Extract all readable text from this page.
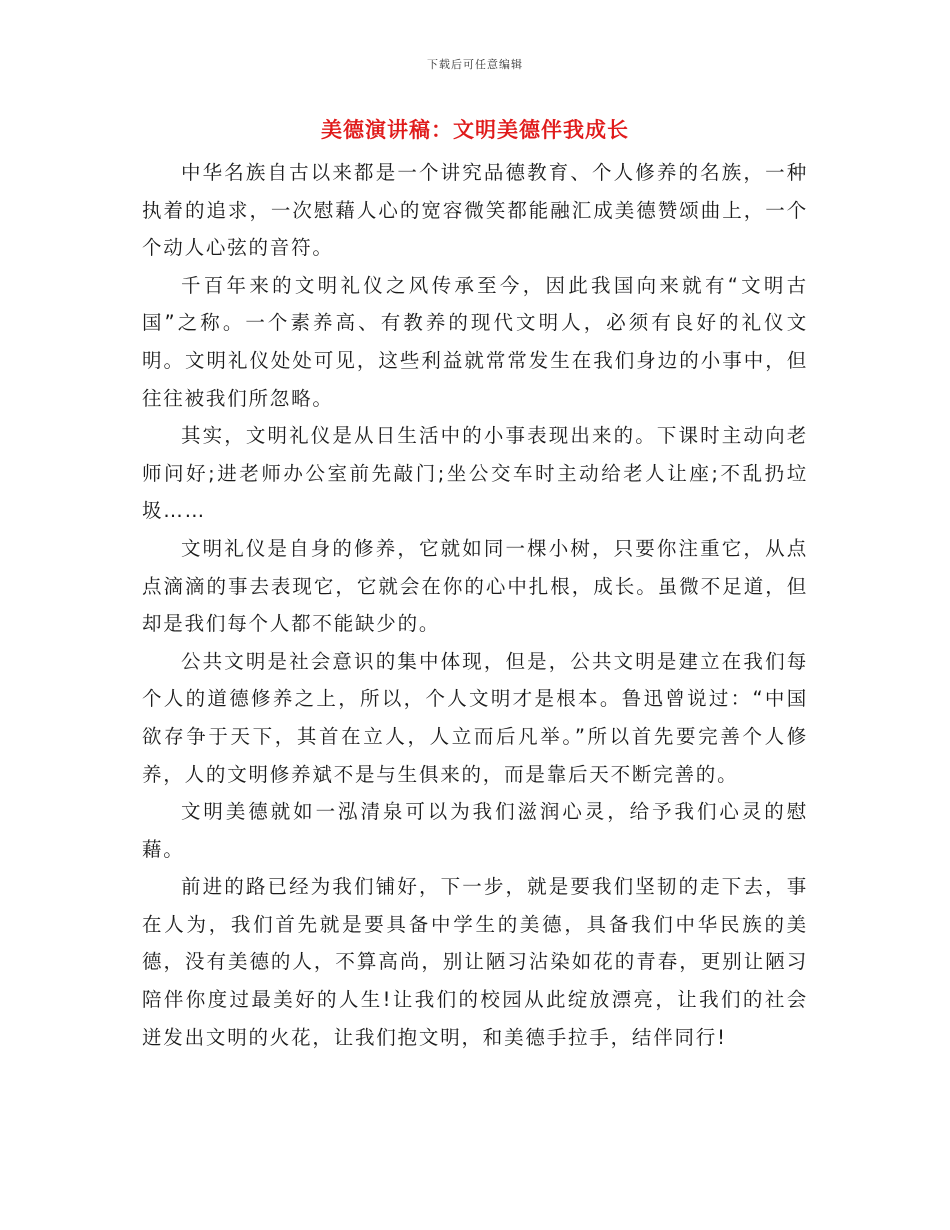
下载后可任意编辑
美德演讲稿：文明美德伴我成长

中华名族自古以来都是一个讲究品德教育、个人修养的名族，一种执着的追求，一次慰藉人心的宽容微笑都能融汇成美德赞颂曲上，一个个动人心弦的音符。

千百年来的文明礼仪之风传承至今，因此我国向来就有“文明古国”之称。一个素养高、有教养的现代文明人，必须有良好的礼仪文明。文明礼仪处处可见，这些利益就常常发生在我们身边的小事中，但往往被我们所忽略。

其实，文明礼仪是从日生活中的小事表现出来的。下课时主动向老师问好;进老师办公室前先敲门;坐公交车时主动给老人让座;不乱扔垃圾……

文明礼仪是自身的修养，它就如同一棵小树，只要你注重它，从点点滴滴的事去表现它，它就会在你的心中扎根，成长。虽微不足道，但却是我们每个人都不能缺少的。

公共文明是社会意识的集中体现，但是，公共文明是建立在我们每个人的道德修养之上，所以，个人文明才是根本。鲁迅曾说过：“中国欲存争于天下，其首在立人，人立而后凡举。”所以首先要完善个人修养，人的文明修养斌不是与生俱来的，而是靠后天不断完善的。

文明美德就如一泓清泉可以为我们滋润心灵，给予我们心灵的慰藉。

前进的路已经为我们铺好，下一步，就是要我们坚韧的走下去，事在人为，我们首先就是要具备中学生的美德，具备我们中华民族的美德，没有美德的人，不算高尚，别让陋习沾染如花的青春，更别让陋习陪伴你度过最美好的人生!让我们的校园从此绽放漂亮，让我们的社会迸发出文明的火花，让我们抱文明，和美德手拉手，结伴同行!
